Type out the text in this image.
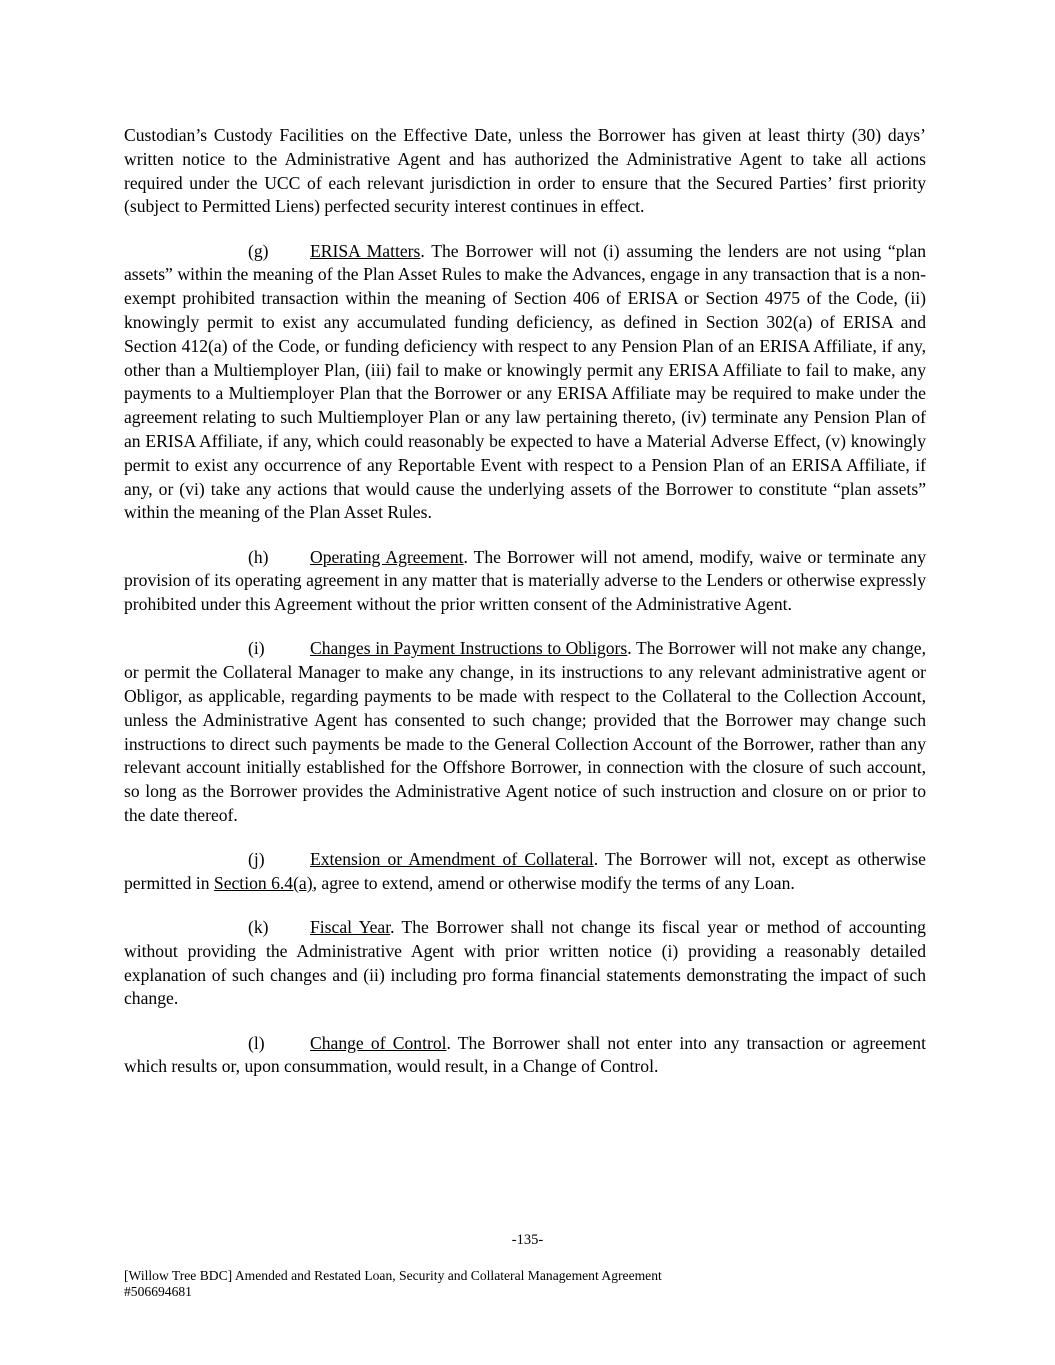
Custodian’s Custody Facilities on the Effective Date, unless the Borrower has given at least thirty (30) days’ written notice to the Administrative Agent and has authorized the Administrative Agent to take all actions required under the UCC of each relevant jurisdiction in order to ensure that the Secured Parties’ first priority (subject to Permitted Liens) perfected security interest continues in effect.

(g) ERISA Matters. The Borrower will not (i) assuming the lenders are not using “plan assets” within the meaning of the Plan Asset Rules to make the Advances, engage in any transaction that is a non-exempt prohibited transaction within the meaning of Section 406 of ERISA or Section 4975 of the Code, (ii) knowingly permit to exist any accumulated funding deficiency, as defined in Section 302(a) of ERISA and Section 412(a) of the Code, or funding deficiency with respect to any Pension Plan of an ERISA Affiliate, if any, other than a Multiemployer Plan, (iii) fail to make or knowingly permit any ERISA Affiliate to fail to make, any payments to a Multiemployer Plan that the Borrower or any ERISA Affiliate may be required to make under the agreement relating to such Multiemployer Plan or any law pertaining thereto, (iv) terminate any Pension Plan of an ERISA Affiliate, if any, which could reasonably be expected to have a Material Adverse Effect, (v) knowingly permit to exist any occurrence of any Reportable Event with respect to a Pension Plan of an ERISA Affiliate, if any, or (vi) take any actions that would cause the underlying assets of the Borrower to constitute “plan assets” within the meaning of the Plan Asset Rules.

(h) Operating Agreement. The Borrower will not amend, modify, waive or terminate any provision of its operating agreement in any matter that is materially adverse to the Lenders or otherwise expressly prohibited under this Agreement without the prior written consent of the Administrative Agent.

(i)	Changes in Payment Instructions to Obligors. The Borrower will not make any change, or permit the Collateral Manager to make any change, in its instructions to any relevant administrative agent or Obligor, as applicable, regarding payments to be made with respect to the Collateral to the Collection Account, unless the Administrative Agent has consented to such change; provided that the Borrower may change such instructions to direct such payments be made to the General Collection Account of the Borrower, rather than any relevant account initially established for the Offshore Borrower, in connection with the closure of such account, so long as the Borrower provides the Administrative Agent notice of such instruction and closure on or prior to the date thereof.

(j)	Extension or Amendment of Collateral. The Borrower will not, except as otherwise permitted in Section 6.4(a), agree to extend, amend or otherwise modify the terms of any Loan.

(k) Fiscal Year. The Borrower shall not change its fiscal year or method of accounting without providing the Administrative Agent with prior written notice (i) providing a reasonably detailed explanation of such changes and (ii) including pro forma financial statements demonstrating the impact of such change.

(l)	Change of Control. The Borrower shall not enter into any transaction or agreement which results or, upon consummation, would result, in a Change of Control.

-135-
[Willow Tree BDC] Amended and Restated Loan, Security and Collateral Management Agreement
#506694681
